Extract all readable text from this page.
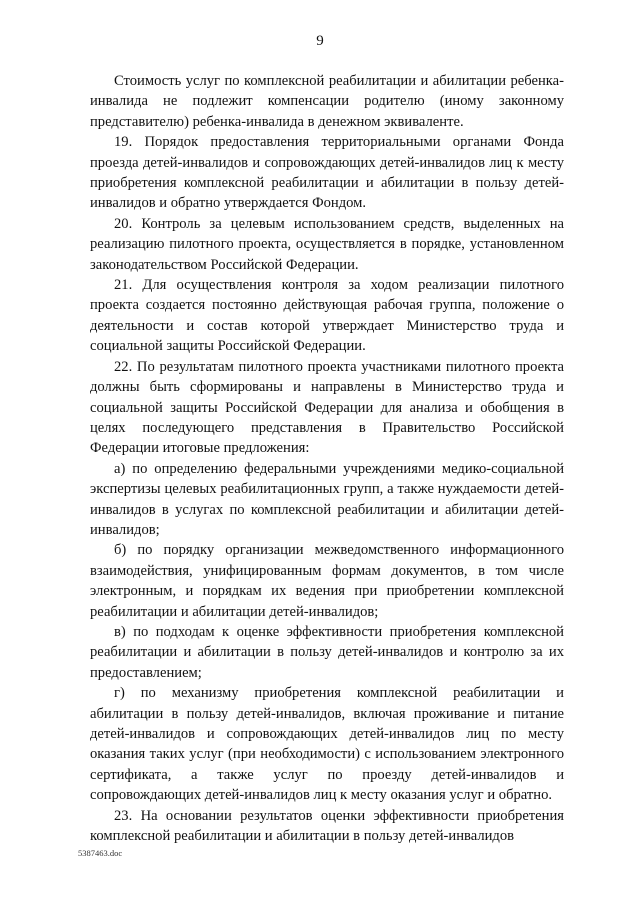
9

Стоимость услуг по комплексной реабилитации и абилитации ребенка-инвалида не подлежит компенсации родителю (иному законному представителю) ребенка-инвалида в денежном эквиваленте.

19. Порядок предоставления территориальными органами Фонда проезда детей-инвалидов и сопровождающих детей-инвалидов лиц к месту приобретения комплексной реабилитации и абилитации в пользу детей-инвалидов и обратно утверждается Фондом.

20. Контроль за целевым использованием средств, выделенных на реализацию пилотного проекта, осуществляется в порядке, установленном законодательством Российской Федерации.

21. Для осуществления контроля за ходом реализации пилотного проекта создается постоянно действующая рабочая группа, положение о деятельности и состав которой утверждает Министерство труда и социальной защиты Российской Федерации.

22. По результатам пилотного проекта участниками пилотного проекта должны быть сформированы и направлены в Министерство труда и социальной защиты Российской Федерации для анализа и обобщения в целях последующего представления в Правительство Российской Федерации итоговые предложения:

а) по определению федеральными учреждениями медико-социальной экспертизы целевых реабилитационных групп, а также нуждаемости детей-инвалидов в услугах по комплексной реабилитации и абилитации детей-инвалидов;

б) по порядку организации межведомственного информационного взаимодействия, унифицированным формам документов, в том числе электронным, и порядкам их ведения при приобретении комплексной реабилитации и абилитации детей-инвалидов;

в) по подходам к оценке эффективности приобретения комплексной реабилитации и абилитации в пользу детей-инвалидов и контролю за их предоставлением;

г) по механизму приобретения комплексной реабилитации и абилитации в пользу детей-инвалидов, включая проживание и питание детей-инвалидов и сопровождающих детей-инвалидов лиц по месту оказания таких услуг (при необходимости) с использованием электронного сертификата, а также услуг по проезду детей-инвалидов и сопровождающих детей-инвалидов лиц к месту оказания услуг и обратно.

23. На основании результатов оценки эффективности приобретения комплексной реабилитации и абилитации в пользу детей-инвалидов

5387463.doc
